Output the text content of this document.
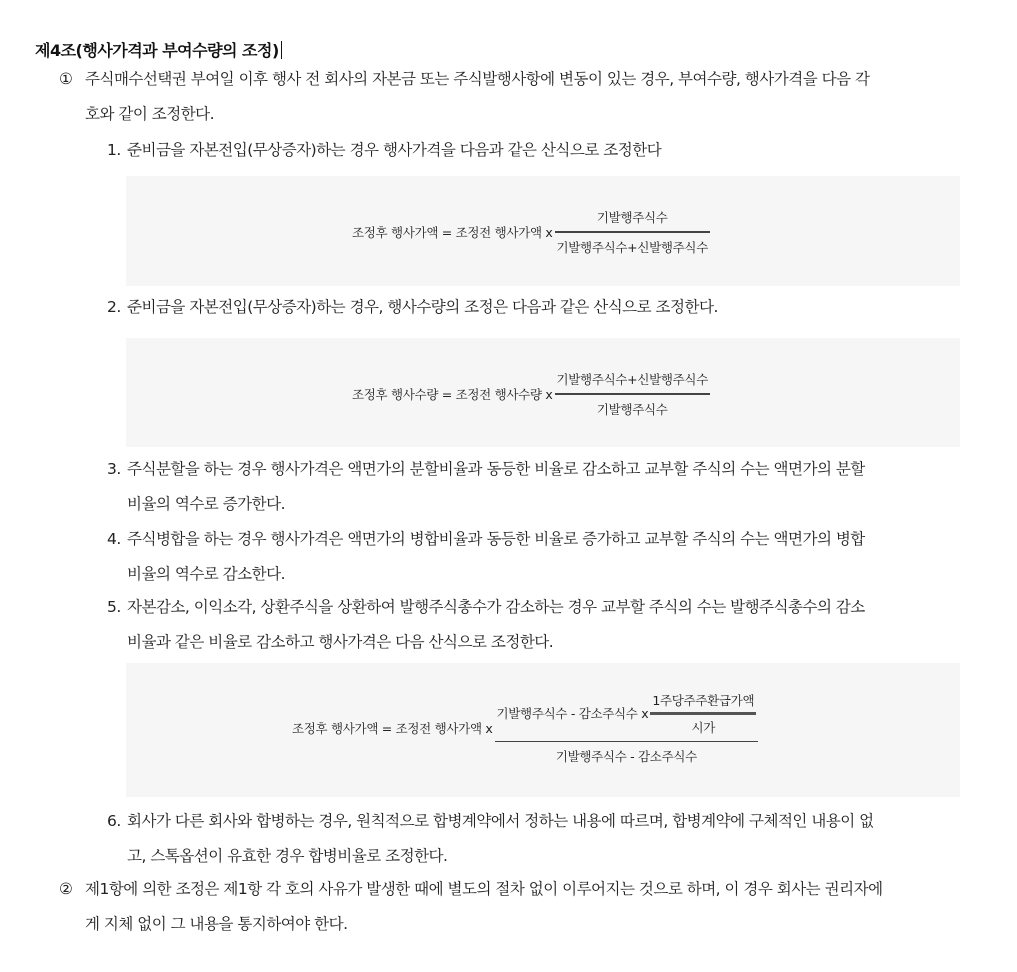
제4조(행사가격과 부여수량의 조정)
① 주식매수선택권 부여일 이후 행사 전 회사의 자본금 또는 주식발행사항에 변동이 있는 경우, 부여수량, 행사가격을 다음 각
호와 같이 조정한다.
1. 준비금을 자본전입(무상증자)하는 경우 행사가격을 다음과 같은 산식으로 조정한다
조정후 행사가액 = 조정전 행사가액 x $\frac{\text{기발행주식수}}{\text{기발행주식수+신발행주식수}}$
2. 준비금을 자본전입(무상증자)하는 경우, 행사수량의 조정은 다음과 같은 산식으로 조정한다.
조정후 행사수량 = 조정전 행사수량 x $\frac{\text{기발행주식수+신발행주식수}}{\text{기발행주식수}}$
3. 주식분할을 하는 경우 행사가격은 액면가의 분할비율과 동등한 비율로 감소하고 교부할 주식의 수는 액면가의 분할
비율의 역수로 증가한다.
4. 주식병합을 하는 경우 행사가격은 액면가의 병합비율과 동등한 비율로 증가하고 교부할 주식의 수는 액면가의 병합
비율의 역수로 감소한다.
5. 자본감소, 이익소각, 상환주식을 상환하여 발행주식총수가 감소하는 경우 교부할 주식의 수는 발행주식총수의 감소
비율과 같은 비율로 감소하고 행사가격은 다음 산식으로 조정한다.
조정후 행사가액 = 조정전 행사가액 x
기발행주식수 - 감소주식수 x $\frac{\text{1주당주주환급가액}}{\text{시가}}$
기발행주식수 - 감소주식수
6. 회사가 다른 회사와 합병하는 경우, 원칙적으로 합병계약에서 정하는 내용에 따르며, 합병계약에 구체적인 내용이 없
고, 스톡옵션이 유효한 경우 합병비율로 조정한다.
② 제1항에 의한 조정은 제1항 각 호의 사유가 발생한 때에 별도의 절차 없이 이루어지는 것으로 하며, 이 경우 회사는 권리자에
게 지체 없이 그 내용을 통지하여야 한다.
